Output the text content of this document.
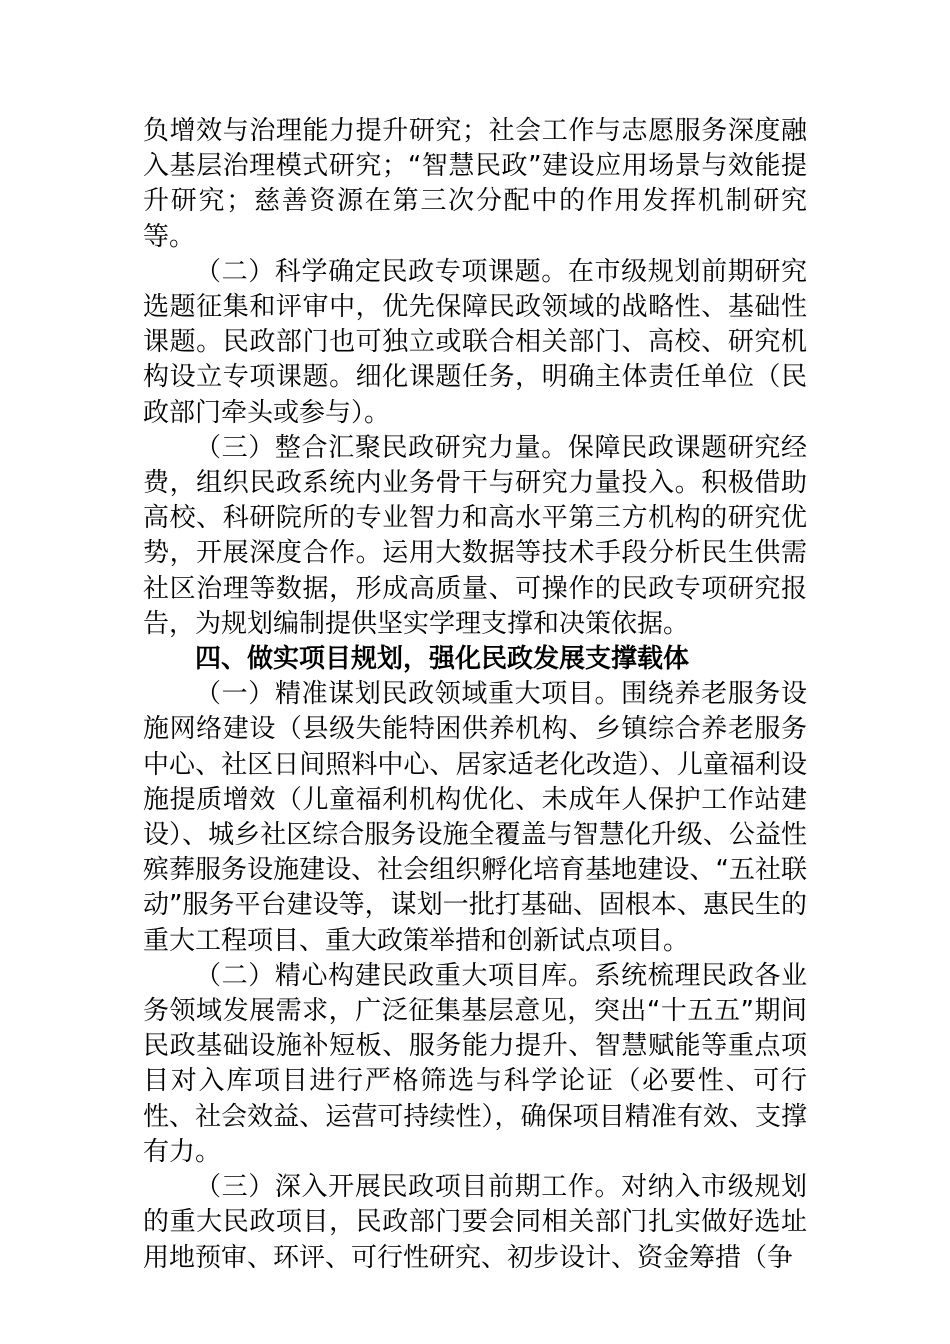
负增效与治理能力提升研究；社会工作与志愿服务深度融入基层治理模式研究；“智慧民政”建设应用场景与效能提升研究；慈善资源在第三次分配中的作用发挥机制研究等。

（二）科学确定民政专项课题。在市级规划前期研究选题征集和评审中，优先保障民政领域的战略性、基础性课题。民政部门也可独立或联合相关部门、高校、研究机构设立专项课题。细化课题任务，明确主体责任单位（民政部门牵头或参与）。

（三）整合汇聚民政研究力量。保障民政课题研究经费，组织民政系统内业务骨干与研究力量投入。积极借助高校、科研院所的专业智力和高水平第三方机构的研究优势，开展深度合作。运用大数据等技术手段分析民生供需社区治理等数据，形成高质量、可操作的民政专项研究报告，为规划编制提供坚实学理支撑和决策依据。

四、做实项目规划，强化民政发展支撑载体

（一）精准谋划民政领域重大项目。围绕养老服务设施网络建设（县级失能特困供养机构、乡镇综合养老服务中心、社区日间照料中心、居家适老化改造）、儿童福利设施提质增效（儿童福利机构优化、未成年人保护工作站建设）、城乡社区综合服务设施全覆盖与智慧化升级、公益性殡葬服务设施建设、社会组织孵化培育基地建设、“五社联动”服务平台建设等，谋划一批打基础、固根本、惠民生的重大工程项目、重大政策举措和创新试点项目。

（二）精心构建民政重大项目库。系统梳理民政各业务领域发展需求，广泛征集基层意见，突出“十五五”期间民政基础设施补短板、服务能力提升、智慧赋能等重点项目对入库项目进行严格筛选与科学论证（必要性、可行性、社会效益、运营可持续性），确保项目精准有效、支撑有力。

（三）深入开展民政项目前期工作。对纳入市级规划的重大民政项目，民政部门要会同相关部门扎实做好选址用地预审、环评、可行性研究、初步设计、资金筹措（争
